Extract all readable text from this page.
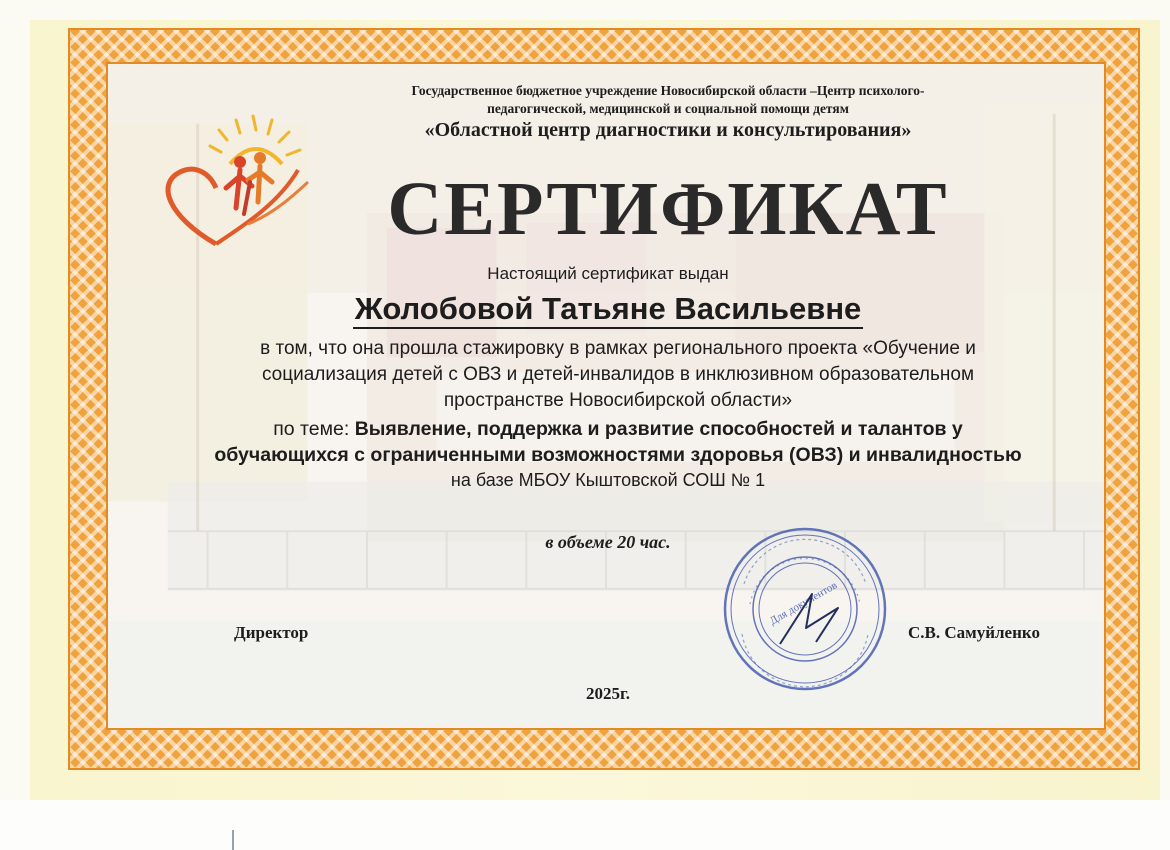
Государственное бюджетное учреждение Новосибирской области –Центр психолого-
педагогической, медицинской и социальной помощи детям
«Областной центр диагностики и консультирования»
СЕРТИФИКАТ
Настоящий сертификат выдан
Жолобовой Татьяне Васильевне
в том, что она прошла стажировку в рамках регионального проекта «Обучение и
социализация детей с ОВЗ и детей-инвалидов в инклюзивном образовательном
пространстве Новосибирской области»
по теме: Выявление, поддержка и развитие способностей и талантов у
обучающихся с ограниченными возможностями здоровья (ОВЗ) и инвалидностью
на базе МБОУ Кыштовской СОШ № 1
в объеме 20 час.
Директор	С.В. Самуйленко
Для документов
2025г.
